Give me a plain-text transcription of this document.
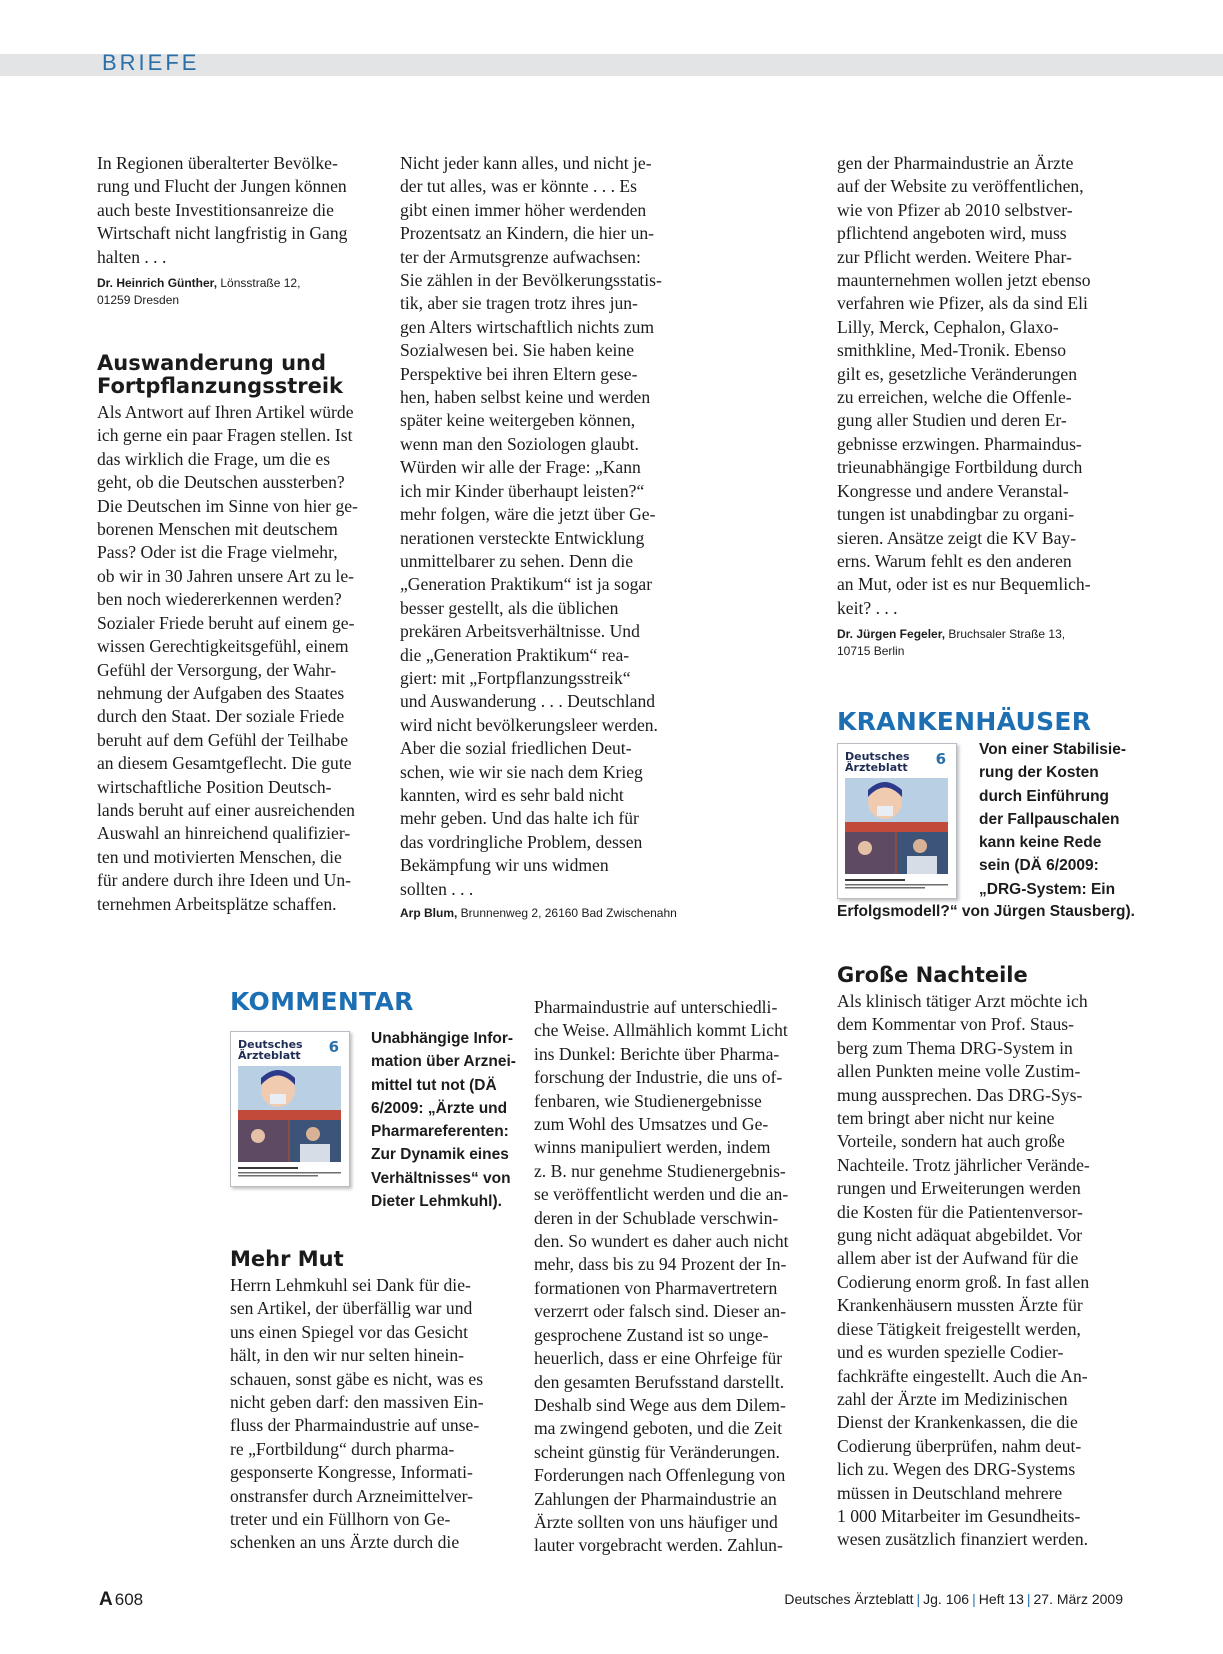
BRIEFE
In Regionen überalterter Bevölke-
rung und Flucht der Jungen können
auch beste Investitionsanreize die
Wirtschaft nicht langfristig in Gang
halten . . .
Dr. Heinrich Günther, Lönsstraße 12,
01259 Dresden
Auswanderung und
Fortpflanzungsstreik
Als Antwort auf Ihren Artikel würde
ich gerne ein paar Fragen stellen. Ist
das wirklich die Frage, um die es
geht, ob die Deutschen aussterben?
Die Deutschen im Sinne von hier ge-
borenen Menschen mit deutschem
Pass? Oder ist die Frage vielmehr,
ob wir in 30 Jahren unsere Art zu le-
ben noch wiedererkennen werden?
Sozialer Friede beruht auf einem ge-
wissen Gerechtigkeitsgefühl, einem
Gefühl der Versorgung, der Wahr-
nehmung der Aufgaben des Staates
durch den Staat. Der soziale Friede
beruht auf dem Gefühl der Teilhabe
an diesem Gesamtgeflecht. Die gute
wirtschaftliche Position Deutsch-
lands beruht auf einer ausreichenden
Auswahl an hinreichend qualifizier-
ten und motivierten Menschen, die
für andere durch ihre Ideen und Un-
ternehmen Arbeitsplätze schaffen.
Nicht jeder kann alles, und nicht je-
der tut alles, was er könnte . . . Es
gibt einen immer höher werdenden
Prozentsatz an Kindern, die hier un-
ter der Armutsgrenze aufwachsen:
Sie zählen in der Bevölkerungsstatis-
tik, aber sie tragen trotz ihres jun-
gen Alters wirtschaftlich nichts zum
Sozialwesen bei. Sie haben keine
Perspektive bei ihren Eltern gese-
hen, haben selbst keine und werden
später keine weitergeben können,
wenn man den Soziologen glaubt.
Würden wir alle der Frage: „Kann
ich mir Kinder überhaupt leisten?“
mehr folgen, wäre die jetzt über Ge-
nerationen versteckte Entwicklung
unmittelbarer zu sehen. Denn die
„Generation Praktikum“ ist ja sogar
besser gestellt, als die üblichen
prekären Arbeitsverhältnisse. Und
die „Generation Praktikum“ rea-
giert: mit „Fortpflanzungsstreik“
und Auswanderung . . . Deutschland
wird nicht bevölkerungsleer werden.
Aber die sozial friedlichen Deut-
schen, wie wir sie nach dem Krieg
kannten, wird es sehr bald nicht
mehr geben. Und das halte ich für
das vordringliche Problem, dessen
Bekämpfung wir uns widmen
sollten . . .
Arp Blum, Brunnenweg 2, 26160 Bad Zwischenahn
gen der Pharmaindustrie an Ärzte
auf der Website zu veröffentlichen,
wie von Pfizer ab 2010 selbstver-
pflichtend angeboten wird, muss
zur Pflicht werden. Weitere Phar-
maunternehmen wollen jetzt ebenso
verfahren wie Pfizer, als da sind Eli
Lilly, Merck, Cephalon, Glaxo-
smithkline, Med-Tronik. Ebenso
gilt es, gesetzliche Veränderungen
zu erreichen, welche die Offenle-
gung aller Studien und deren Er-
gebnisse erzwingen. Pharmaindus-
trieunabhängige Fortbildung durch
Kongresse und andere Veranstal-
tungen ist unabdingbar zu organi-
sieren. Ansätze zeigt die KV Bay-
erns. Warum fehlt es den anderen
an Mut, oder ist es nur Bequemlich-
keit? . . .
Dr. Jürgen Fegeler, Bruchsaler Straße 13,
10715 Berlin
KRANKENHÄUSER
Deutsches
Ärzteblatt 6
Von einer Stabilisie-
rung der Kosten
durch Einführung
der Fallpauschalen
kann keine Rede
sein (DÄ 6/2009:
„DRG-System: Ein
Erfolgsmodell?“ von Jürgen Stausberg).
Große Nachteile
Als klinisch tätiger Arzt möchte ich
dem Kommentar von Prof. Staus-
berg zum Thema DRG-System in
allen Punkten meine volle Zustim-
mung aussprechen. Das DRG-Sys-
tem bringt aber nicht nur keine
Vorteile, sondern hat auch große
Nachteile. Trotz jährlicher Verände-
rungen und Erweiterungen werden
die Kosten für die Patientenversor-
gung nicht adäquat abgebildet. Vor
allem aber ist der Aufwand für die
Codierung enorm groß. In fast allen
Krankenhäusern mussten Ärzte für
diese Tätigkeit freigestellt werden,
und es wurden spezielle Codier-
fachkräfte eingestellt. Auch die An-
zahl der Ärzte im Medizinischen
Dienst der Krankenkassen, die die
Codierung überprüfen, nahm deut-
lich zu. Wegen des DRG-Systems
müssen in Deutschland mehrere
1 000 Mitarbeiter im Gesundheits-
wesen zusätzlich finanziert werden.
KOMMENTAR
Deutsches
Ärzteblatt 6 Unabhängige Infor-
mation über Arznei-
mittel tut not (DÄ
6/2009: „Ärzte und
Pharmareferenten:
Zur Dynamik eines
Verhältnisses“ von
Dieter Lehmkuhl).
Mehr Mut
Herrn Lehmkuhl sei Dank für die-
sen Artikel, der überfällig war und
uns einen Spiegel vor das Gesicht
hält, in den wir nur selten hinein-
schauen, sonst gäbe es nicht, was es
nicht geben darf: den massiven Ein-
fluss der Pharmaindustrie auf unse-
re „Fortbildung“ durch pharma-
gesponserte Kongresse, Informati-
onstransfer durch Arzneimittelver-
treter und ein Füllhorn von Ge-
schenken an uns Ärzte durch die
Pharmaindustrie auf unterschiedli-
che Weise. Allmählich kommt Licht
ins Dunkel: Berichte über Pharma-
forschung der Industrie, die uns of-
fenbaren, wie Studienergebnisse
zum Wohl des Umsatzes und Ge-
winns manipuliert werden, indem
z. B. nur genehme Studienergebnis-
se veröffentlicht werden und die an-
deren in der Schublade verschwin-
den. So wundert es daher auch nicht
mehr, dass bis zu 94 Prozent der In-
formationen von Pharmavertretern
verzerrt oder falsch sind. Dieser an-
gesprochene Zustand ist so unge-
heuerlich, dass er eine Ohrfeige für
den gesamten Berufsstand darstellt.
Deshalb sind Wege aus dem Dilem-
ma zwingend geboten, und die Zeit
scheint günstig für Veränderungen.
Forderungen nach Offenlegung von
Zahlungen der Pharmaindustrie an
Ärzte sollten von uns häufiger und
lauter vorgebracht werden. Zahlun-
A 608	Deutsches Ärzteblatt | Jg. 106 | Heft 13 | 27. März 2009
